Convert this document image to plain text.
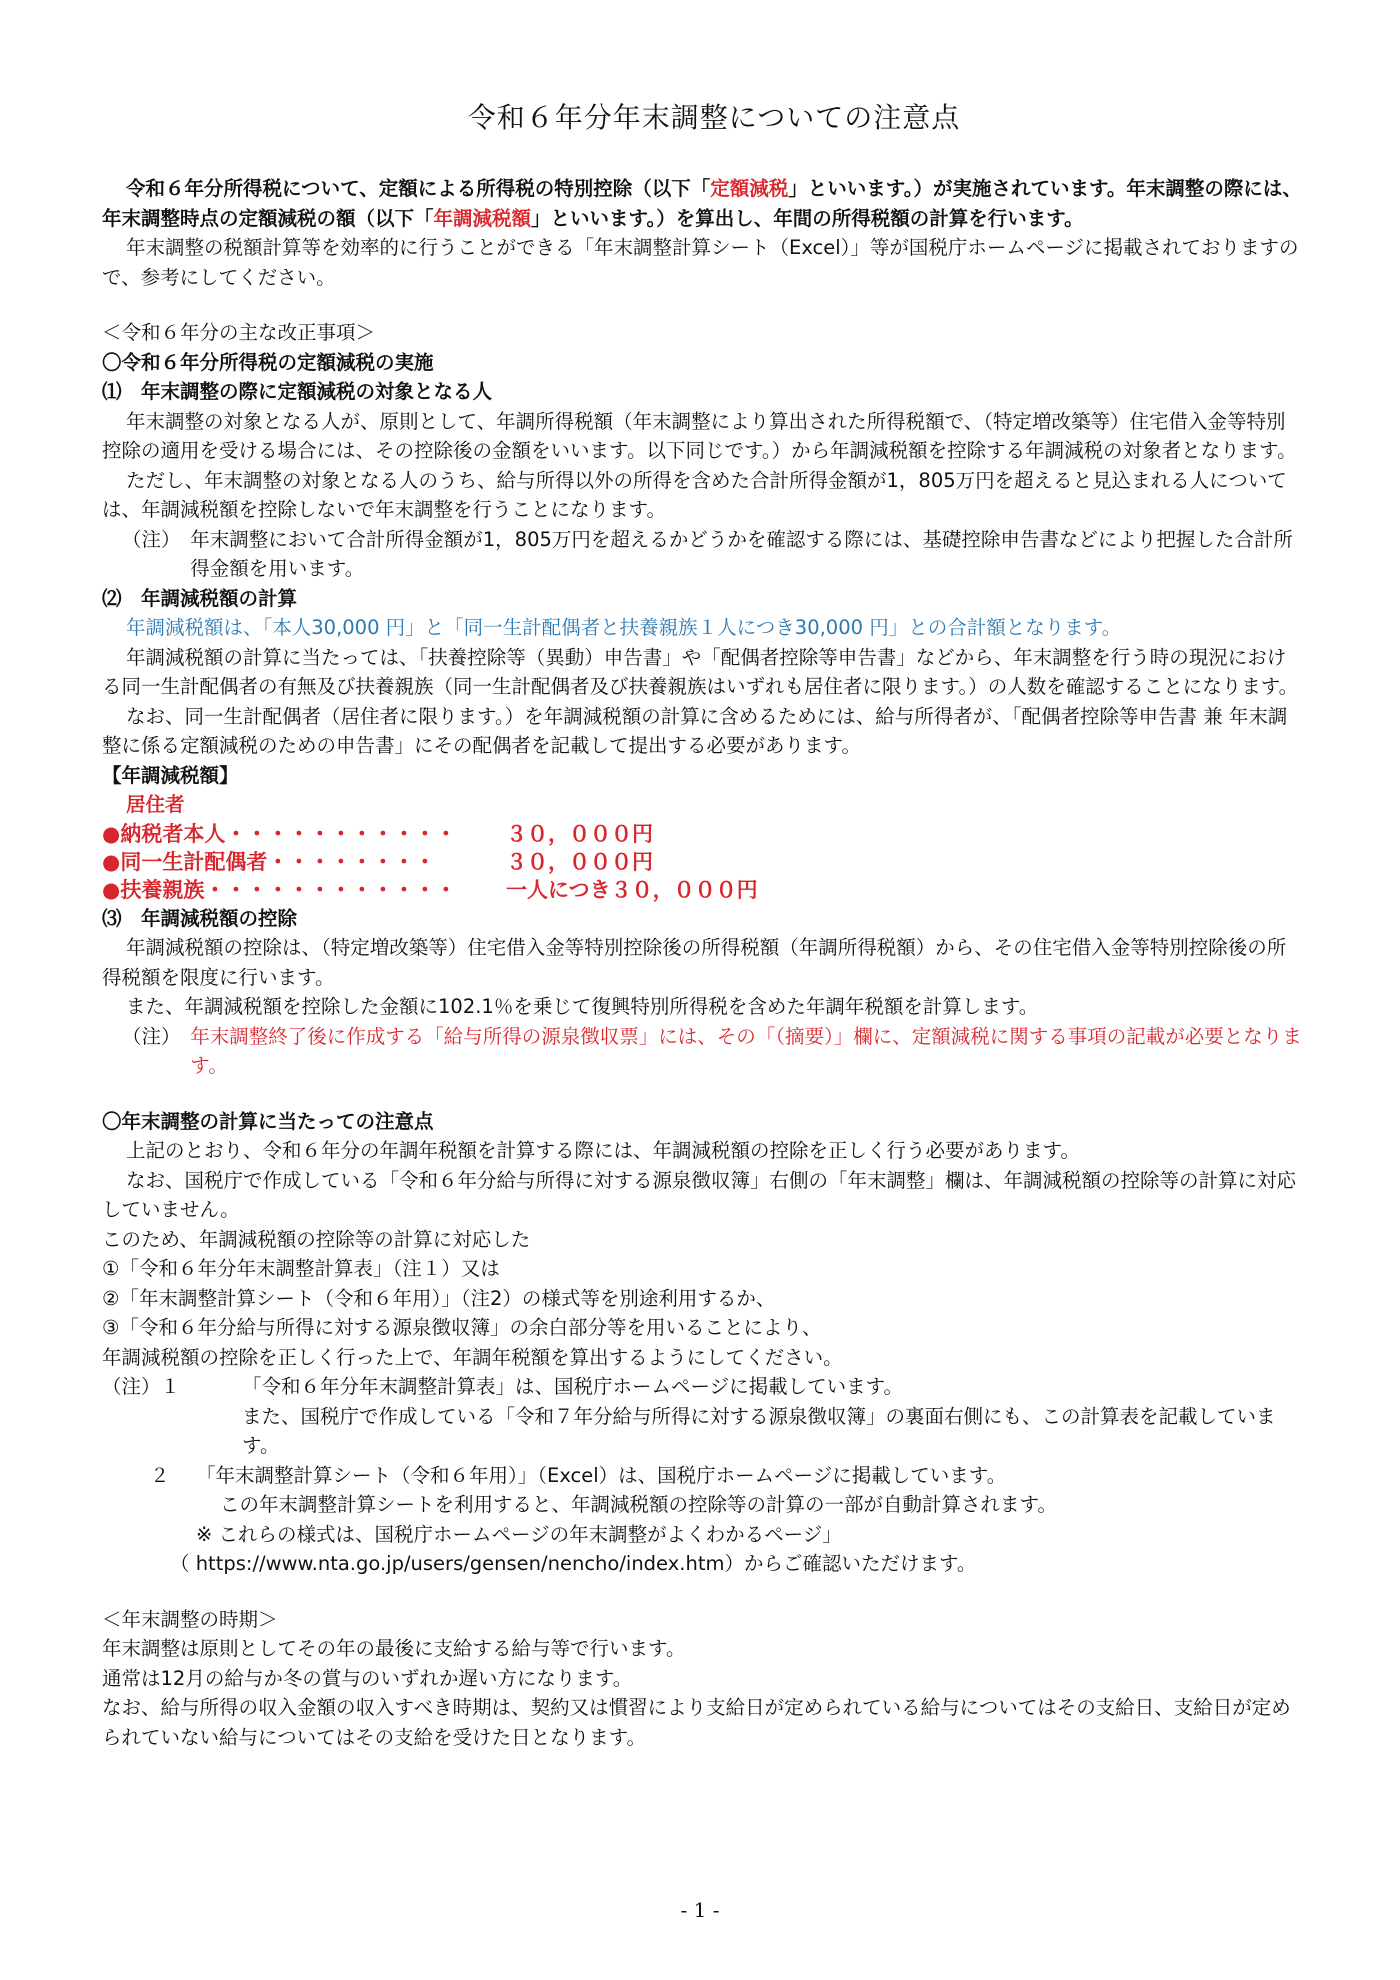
令和６年分年末調整についての注意点

令和６年分所得税について、定額による所得税の特別控除（以下「定額減税」といいます。）が実施されています。年末調整の際には、年末調整時点の定額減税の額（以下「年調減税額」といいます。）を算出し、年間の所得税額の計算を行います。

年末調整の税額計算等を効率的に行うことができる「年末調整計算シート（Excel）」等が国税庁ホームページに掲載されておりますので、参考にしてください。

＜令和６年分の主な改正事項＞

〇令和６年分所得税の定額減税の実施

⑴　年末調整の際に定額減税の対象となる人

年末調整の対象となる人が、原則として、年調所得税額（年末調整により算出された所得税額で、（特定増改築等）住宅借入金等特別控除の適用を受ける場合には、その控除後の金額をいいます。以下同じです。）から年調減税額を控除する年調減税の対象者となります。

ただし、年末調整の対象となる人のうち、給与所得以外の所得を含めた合計所得金額が1，805万円を超えると見込まれる人については、年調減税額を控除しないで年末調整を行うことになります。

（注）　 年末調整において合計所得金額が1，805万円を超えるかどうかを確認する際には、基礎控除申告書などにより把握した合計所得金額を用います。

⑵　年調減税額の計算

年調減税額は、「本人30,000 円」と「同一生計配偶者と扶養親族１人につき30,000 円」との合計額となります。

年調減税額の計算に当たっては、「扶養控除等（異動）申告書」や「配偶者控除等申告書」などから、年末調整を行う時の現況における同一生計配偶者の有無及び扶養親族（同一生計配偶者及び扶養親族はいずれも居住者に限ります。）の人数を確認することになります。

なお、同一生計配偶者（居住者に限ります。）を年調減税額の計算に含めるためには、給与所得者が、「配偶者控除等申告書 兼 年末調整に係る定額減税のための申告書」にその配偶者を記載して提出する必要があります。

【年調減税額】

居住者

●納税者本人・・・・・・・・・・・	３０，０００円
●同一生計配偶者・・・・・・・・	３０，０００円
●扶養親族・・・・・・・・・・・・	一人につき３０，０００円

⑶　年調減税額の控除

年調減税額の控除は、（特定増改築等）住宅借入金等特別控除後の所得税額（年調所得税額）から、その住宅借入金等特別控除後の所得税額を限度に行います。

また、年調減税額を控除した金額に102.1％を乗じて復興特別所得税を含めた年調年税額を計算します。

（注）　 年末調整終了後に作成する「給与所得の源泉徴収票」には、その「（摘要）」欄に、定額減税に関する事項の記載が必要となります。

〇年末調整の計算に当たっての注意点

上記のとおり、令和６年分の年調年税額を計算する際には、年調減税額の控除を正しく行う必要があります。

なお、国税庁で作成している「令和６年分給与所得に対する源泉徴収簿」右側の「年末調整」欄は、年調減税額の控除等の計算に対応していません。

このため、年調減税額の控除等の計算に対応した

①「令和６年分年末調整計算表」（注１）又は

②「年末調整計算シート（令和６年用）」（注2）の様式等を別途利用するか、

③「令和６年分給与所得に対する源泉徴収簿」の余白部分等を用いることにより、

年調減税額の控除を正しく行った上で、年調年税額を算出するようにしてください。

（注）１　　	「令和６年分年末調整計算表」は、国税庁ホームページに掲載しています。
また、国税庁で作成している「令和７年分給与所得に対する源泉徴収簿」の裏面右側にも、この計算表を記載しています。
２　 「年末調整計算シート（令和６年用）」（Excel）は、国税庁ホームページに掲載しています。

この年末調整計算シートを利用すると、年調減税額の控除等の計算の一部が自動計算されます。

※ これらの様式は、国税庁ホームページの年末調整がよくわかるページ」

（ https://www.nta.go.jp/users/gensen/nencho/index.htm）からご確認いただけます。

＜年末調整の時期＞

年末調整は原則としてその年の最後に支給する給与等で行います。

通常は12月の給与か冬の賞与のいずれか遅い方になります。

なお、給与所得の収入金額の収入すべき時期は、契約又は慣習により支給日が定められている給与についてはその支給日、支給日が定められていない給与についてはその支給を受けた日となります。

- 1 -
